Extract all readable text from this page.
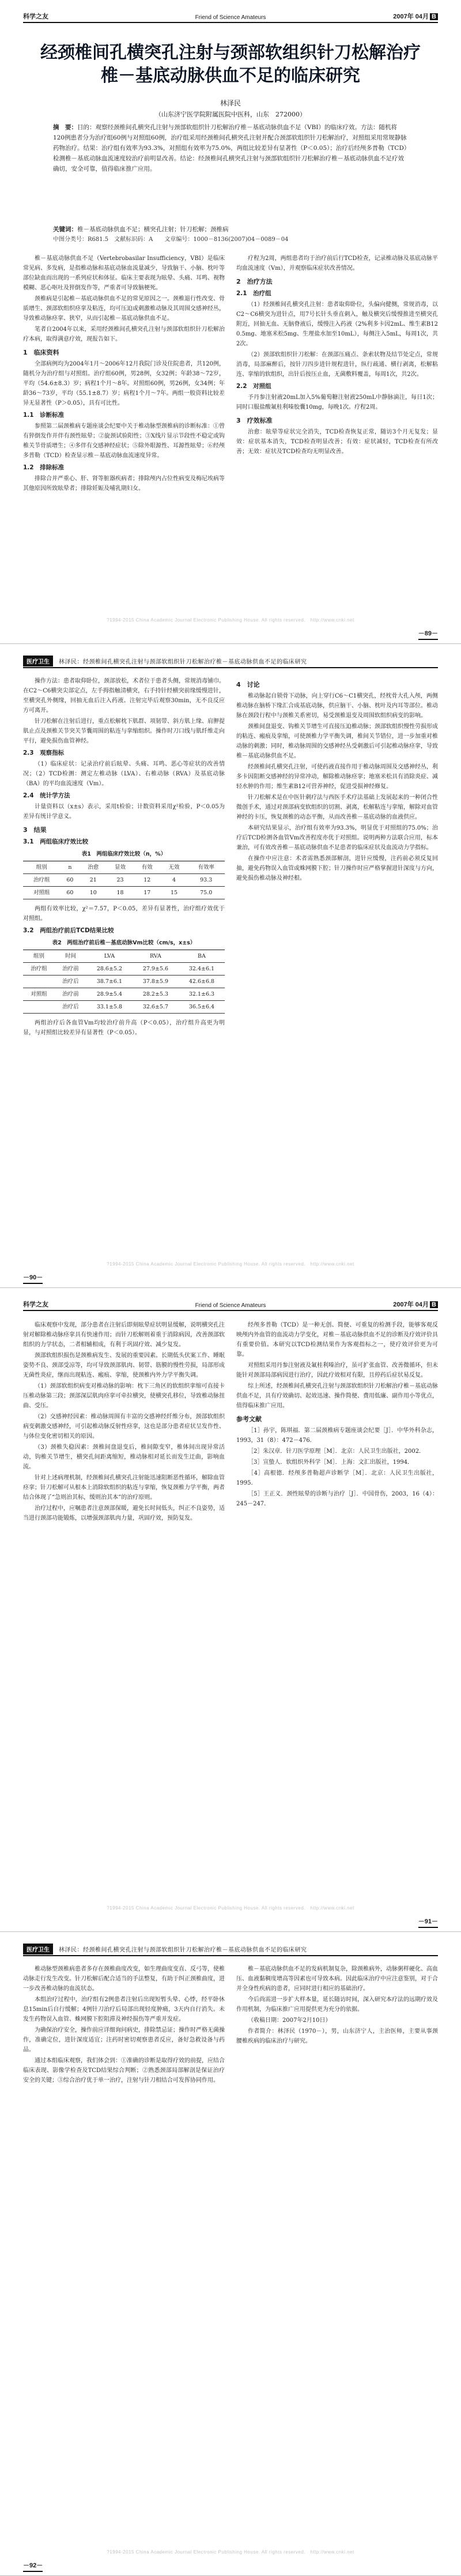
科学之友	Friend of Science Amateurs	2007年 04月 B
经颈椎间孔横突孔注射与颈部软组织针刀松解治疗椎－基底动脉供血不足的临床研究
林泽民
（山东济宁医学院附属医院中医科，山东　272000）
摘　要：目的：观察经颈椎间孔横突孔注射与颈部软组织针刀松解治疗椎－基底动脉供血不足（VBI）的临床疗效。方法：随机将120例患者分为治疗组60例与对照组60例，治疗组采用经颈椎间孔横突孔注射并配合颈部软组织针刀松解治疗，对照组采用常规静脉药物治疗。结果：治疗组有效率为93.3%，对照组有效率为75.0%，两组比较差异有显著性（P＜0.05）；治疗后经颅多普勒（TCD）检测椎－基底动脉血流速度较治疗前明显改善。结论：经颈椎间孔横突孔注射与颈部软组织针刀松解治疗椎－基底动脉供血不足疗效确切，安全可靠，值得临床推广应用。
关键词：椎－基底动脉供血不足；横突孔注射；针刀松解；颈椎病
中图分类号：R681.5　文献标识码：A　　文章编号：1000－8136(2007)04－0089－04

椎－基底动脉供血不足（Vertebrobasilar Insufficiency，VBI）是临床常见病、多发病，是指椎动脉和基底动脉血流量减少，导致脑干、小脑、枕叶等部位缺血而出现的一系列症状和体征。临床主要表现为眩晕、头痛、耳鸣、视物模糊、恶心呕吐及猝倒发作等，严重者可导致脑梗死。

颈椎病是引起椎－基底动脉供血不足的常见原因之一。颈椎退行性改变、骨质增生、颈部软组织痉挛及粘连，均可压迫或刺激椎动脉及其周围交感神经丛，导致椎动脉痉挛、狭窄，从而引起椎－基底动脉供血不足。

笔者自2004年以来，采用经颈椎间孔横突孔注射与颈部软组织针刀松解治疗本病，取得满意疗效，现报告如下。

1　临床资料

全部病例均为2004年1月～2006年12月我院门诊及住院患者，共120例，随机分为治疗组与对照组。治疗组60例，男28例，女32例；年龄38～72岁，平均（54.6±8.3）岁；病程1个月～8年。对照组60例，男26例，女34例；年龄36～73岁，平均（55.1±8.7）岁；病程1个月～7年。两组一般资料比较差异无显著性（P＞0.05），具有可比性。

1.1　诊断标准

参照第二届颈椎病专题座谈会纪要中关于椎动脉型颈椎病的诊断标准：①曾有猝倒发作并伴有颈性眩晕；②旋颈试验阳性；③X线片显示节段性不稳定或钩椎关节骨质增生；④多伴有交感神经症状；⑤除外眼源性、耳源性眩晕；⑥经颅多普勒（TCD）检查显示椎－基底动脉血流速度异常。

1.2　排除标准

排除合并严重心、肝、肾等脏器疾病者；排除颅内占位性病变及梅尼埃病等其他原因所致眩晕者；排除妊娠及哺乳期妇女。

疗程为2周，两组患者均于治疗前后行TCD检查，记录椎动脉及基底动脉平均血流速度（Vm），并观察临床症状改善情况。

2　治疗方法
2.1　治疗组

（1）经颈椎间孔横突孔注射：患者取仰卧位，头偏向健侧，常规消毒，以C2～C6横突为进针点，用7号长针头垂直刺入，触及横突后缓慢推进至横突孔附近，回抽无血、无脑脊液后，缓慢注入药液（2%利多卡因2mL、维生素B12 0.5mg、地塞米松5mg、生理盐水加至10mL），每侧注入5mL，每周1次，共2次。

（2）颈部软组织针刀松解：在颈部压痛点、条索状物及结节处定点，常规消毒，局部麻醉后，按针刀四步进针规程进针，纵行疏通、横行剥离，松解粘连、挛缩的软组织，出针后按压止血，无菌敷料覆盖，每周1次，共2次。

2.2　对照组

予丹参注射液20mL加入5%葡萄糖注射液250mL中静脉滴注，每日1次；同时口服盐酸氟桂利嗪胶囊10mg，每晚1次。疗程2周。

3　疗效标准

治愈：眩晕等症状完全消失，TCD检查恢复正常，随访3个月无复发；显效：症状基本消失，TCD检查明显改善；有效：症状减轻，TCD检查有所改善；无效：症状及TCD检查均无明显改善。

?1994-2015 China Academic Journal Electronic Publishing House. All rights reserved.　http://www.cnki.net
－89－
医疗卫生	林泽民：经颈椎间孔横突孔注射与颈部软组织针刀松解治疗椎－基底动脉供血不足的临床研究

操作方法：患者取仰卧位，颈部放松，术者位于患者头侧，常规消毒铺巾。在C2～C6横突尖部定点，左手拇指触清横突，右手持针经横突前缘缓慢进针，至横突孔外侧缘，回抽无血后注入药液。注射完毕后观察30min，无不良反应方可离开。

针刀松解在注射后进行，重点松解枕下肌群、项韧带、斜方肌上缘、肩胛提肌止点及颈椎关节突关节囊周围的粘连与挛缩组织。操作时刀口线与肌纤维走向平行，避免损伤血管神经。

2.3　观察指标

（1）临床症状：记录治疗前后眩晕、头痛、耳鸣、恶心等症状的改善情况；（2）TCD检测：测定左椎动脉（LVA）、右椎动脉（RVA）及基底动脉（BA）的平均血流速度（Vm）。

2.4　统计学方法

计量资料以（x±s）表示，采用t检验；计数资料采用χ²检验，P＜0.05为差异有统计学意义。

3　结果
3.1　两组临床疗效比较
表1　两组临床疗效比较（n，%）
组别	n	治愈	显效	有效	无效	有效率
治疗组	60	21	23	12	4	93.3
对照组	60	10	18	17	15	75.0

两组有效率比较，χ²＝7.57，P＜0.05，差异有显著性，治疗组疗效优于对照组。

3.2　两组治疗前后TCD结果比较
表2　两组治疗前后椎－基底动脉Vm比较（cm/s，x±s）
组别	时间	LVA	RVA	BA
治疗组	治疗前	28.6±5.2	27.9±5.6	32.4±6.1
	治疗后	38.7±6.1	37.8±5.9	42.6±6.8
对照组	治疗前	28.9±5.4	28.2±5.3	32.1±6.3
	治疗后	33.1±5.8	32.6±5.7	36.5±6.4

两组治疗后各血管Vm均较治疗前升高（P＜0.05），治疗组升高更为明显，与对照组比较差异有显著性（P＜0.05）。

4　讨论

椎动脉起自锁骨下动脉，向上穿行C6～C1横突孔，经枕骨大孔入颅，两侧椎动脉在脑桥下缘汇合成基底动脉，供应脑干、小脑、枕叶及内耳等部位。椎动脉在颈段行程中与颈椎关系密切，易受颈椎退变及周围软组织病变的影响。

颈椎间盘退变、钩椎关节增生可直接压迫椎动脉；颈部软组织慢性劳损形成的粘连、瘢痕及挛缩，可使颈椎力学平衡失调，椎间关节错位，进一步加重对椎动脉的刺激；同时，椎动脉周围的交感神经丛受刺激后可引起椎动脉痉挛，导致椎－基底动脉供血不足。

经颈椎间孔横突孔注射，可使药液直接作用于椎动脉周围及交感神经丛，利多卡因阻断交感神经的异常冲动，解除椎动脉痉挛；地塞米松具有消除炎症、减轻水肿的作用；维生素B12可营养神经，促进受损神经修复。

针刀松解术是在中医针刺疗法与西医手术疗法基础上发展起来的一种闭合性微创手术，通过对颈部病变软组织的切割、剥离，松解粘连与挛缩，解除对血管神经的卡压，恢复颈椎的动态平衡，从而改善椎－基底动脉的血液供应。

本研究结果显示，治疗组有效率为93.3%，明显优于对照组的75.0%；治疗后TCD检测各血管Vm改善程度亦优于对照组。说明两种方法联合应用，标本兼治，可有效改善椎－基底动脉供血不足患者的临床症状及血流动力学指标。

在操作中应注意：术者需熟悉颈部解剖，进针应缓慢，注药前必须反复回抽，避免药物误入血管或蛛网膜下腔；针刀操作时应严格掌握进针深度与方向，避免损伤椎动脉及神经根。

?1994-2015 China Academic Journal Electronic Publishing House. All rights reserved.　http://www.cnki.net
－90－
科学之友	Friend of Science Amateurs	2007年 04月 B

临床观察中发现，部分患者在注射后即刻眩晕症状明显缓解，说明横突孔注射对解除椎动脉痉挛具有快速作用；而针刀松解则着重于消除病因，改善颈部软组织的力学状态，二者相辅相成，有利于巩固疗效、减少复发。

颈部软组织损伤是颈椎病发生、发展的重要因素。长期低头伏案工作、睡眠姿势不良、颈部受凉等，均可导致颈部肌肉、韧带、筋膜的慢性劳损，局部形成无菌性炎症，继而出现粘连、瘢痕、挛缩，使颈椎内外力学平衡失调。

（1）颈部软组织病变对椎动脉的影响：枕下三角区的软组织挛缩可直接卡压椎动脉第三段；颈部深层肌肉痉挛可牵拉横突，使横突孔移位，导致椎动脉扭曲、受压。

（2）交感神经因素：椎动脉周围有丰富的交感神经纤维分布，颈部软组织病变刺激交感神经，可引起椎动脉反射性痉挛，这也是部分患者症状呈发作性、与体位变化密切相关的原因。

（3）颈椎失稳因素：颈椎间盘退变后，椎间隙变窄，椎体间出现异常活动，钩椎关节增生，横突孔间距离缩短，椎动脉相对延长而发生迂曲，影响血流。

针对上述病理机制，经颈椎间孔横突孔注射能迅速阻断恶性循环，解除血管痉挛；针刀松解可从根本上消除软组织的粘连与挛缩，恢复颈椎力学平衡，两者结合体现了“急则治其标，缓则治其本”的治疗原则。

治疗过程中，应嘱患者注意颈部保暖，避免长时间低头，纠正不良姿势，适当进行颈部功能锻炼，以增强颈部肌肉力量，巩固疗效，预防复发。

经颅多普勒（TCD）是一种无创、简便、可重复的检测手段，能够客观反映颅内外血管的血流动力学变化，对椎－基底动脉供血不足的诊断及疗效评价具有重要价值。本研究以TCD检测结果作为客观指标之一，使疗效评价更为可靠。

对照组采用丹参注射液及氟桂利嗪治疗，虽可扩张血管、改善微循环，但未能针对颈部局部病因进行治疗，因此疗效相对有限，且停药后症状易反复。

综上所述，经颈椎间孔横突孔注射与颈部软组织针刀松解治疗椎－基底动脉供血不足，具有疗效确切、起效迅速、操作简便、费用低廉、副作用小等优点，值得临床推广应用。

参考文献

［1］孙宇，陈琪福．第二届颈椎病专题座谈会纪要［J］．中华外科杂志，1993，31（8）：472－476．

［2］朱汉章．针刀医学原理［M］．北京：人民卫生出版社，2002．

［3］宣蛰人．软组织外科学［M］．上海：文汇出版社，1994．

［4］高根德．经颅多普勒超声诊断学［M］．北京：人民卫生出版社，1995．

［5］王正义．颈性眩晕的诊断与治疗［J］．中国骨伤，2003，16（4）：245－247．

?1994-2015 China Academic Journal Electronic Publishing House. All rights reserved.　http://www.cnki.net
－91－
医疗卫生	林泽民：经颈椎间孔横突孔注射与颈部软组织针刀松解治疗椎－基底动脉供血不足的临床研究

椎动脉型颈椎病患者多存在颈椎曲度改变，如生理曲度变直、反弓等，使椎动脉走行发生改变。针刀松解后配合适当的手法整复，有助于纠正颈椎曲度，进一步改善椎动脉的血流状态。

本组治疗过程中，治疗组有2例患者注射后出现短暂头晕、心悸，经平卧休息15min后自行缓解；4例针刀治疗后局部出现轻度肿痛，3天内自行消失。未发生药物误入血管、蛛网膜下腔阻滞及神经损伤等严重并发症。

为确保治疗安全，操作前应详细询问病史，排除禁忌证；操作时严格无菌操作，准确定位，进针深度适宜；注药时密切观察患者反应，备好急救设备与药品。

通过本组临床观察，我们体会到：①准确的诊断是取得疗效的前提，应结合临床表现、影像学检查及TCD结果综合判断；②熟悉颈部局部解剖是保证治疗安全的关键；③综合治疗优于单一治疗，注射与针刀相结合可发挥协同作用。

椎－基底动脉供血不足的发病机制复杂，除颈椎病外，动脉粥样硬化、高血压、血液黏稠度增高等因素也可导致本病。因此临床治疗中应注意鉴别，对于合并全身性疾病的患者，应同时进行相应的基础治疗。

今后尚需进一步扩大样本量，延长随访时间，深入研究本疗法的远期疗效及作用机制，为临床推广应用提供更为充分的依据。

（收稿日期：2007年2月10日）

作者简介：林泽民（1970－），男，山东济宁人，主治医师，主要从事颈腰椎疾病的临床治疗与研究。

?1994-2015 China Academic Journal Electronic Publishing House. All rights reserved.　http://www.cnki.net
－92－
